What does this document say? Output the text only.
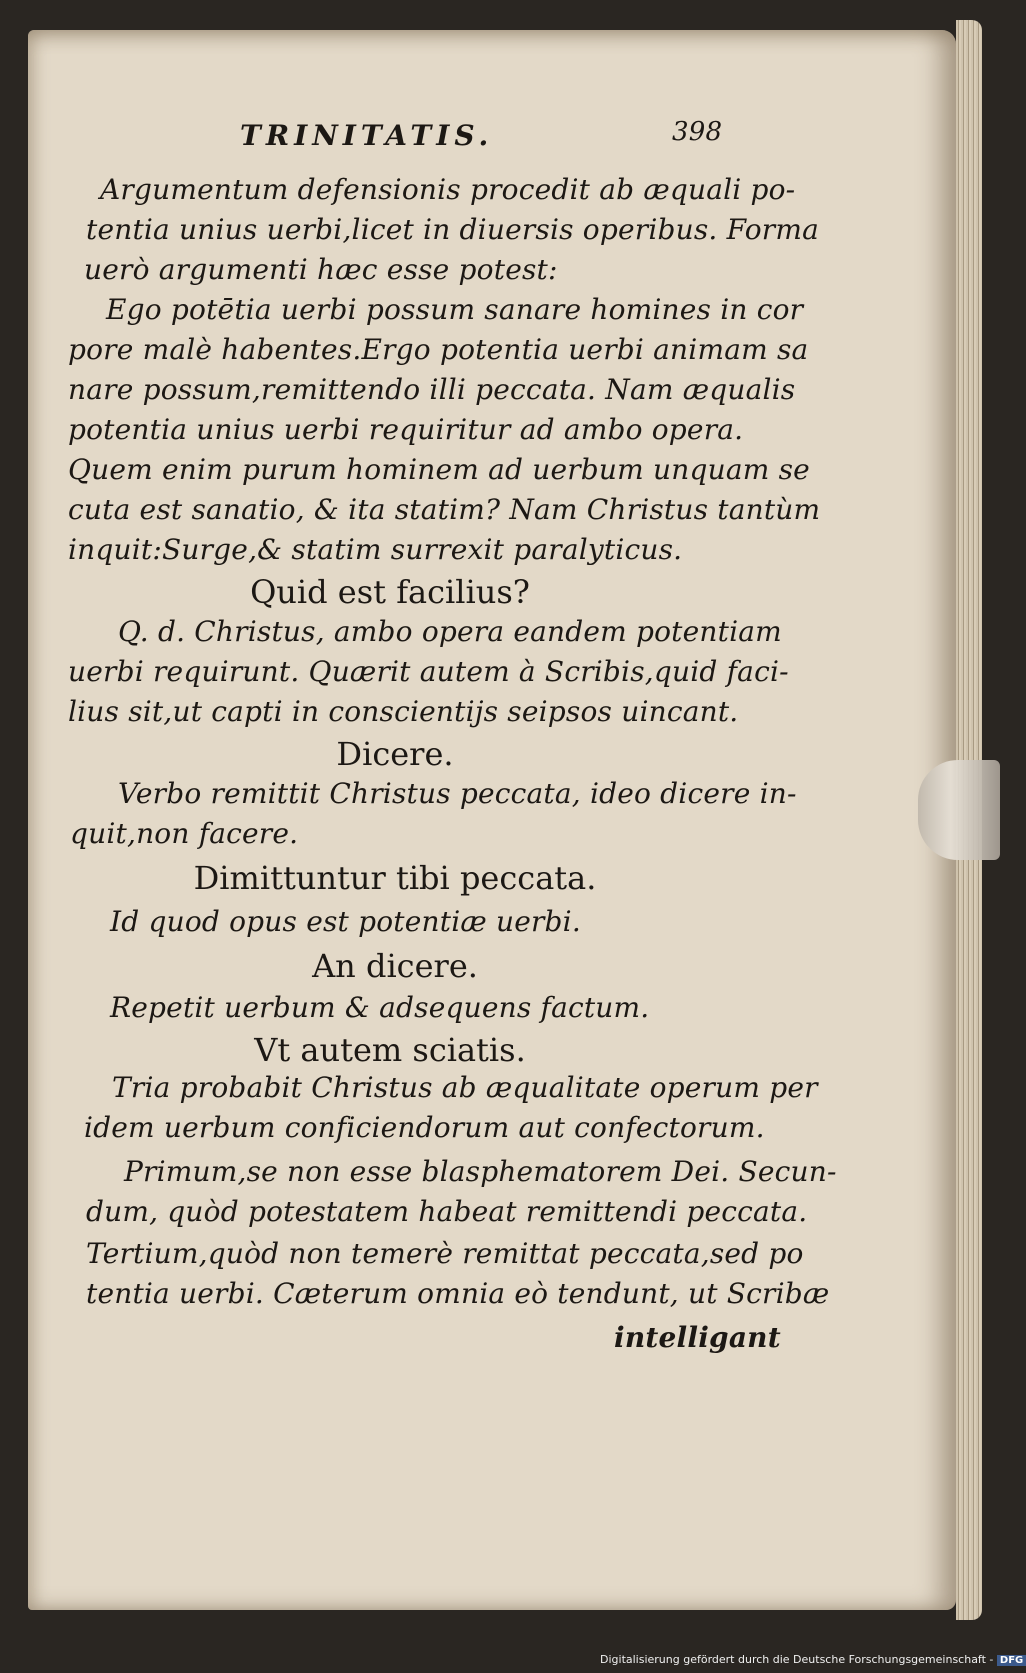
TRINITATIS.	398
Argumentum defensionis procedit ab æquali po-
tentia unius uerbi,licet in diuersis operibus. Forma
uerò argumenti hæc esse potest:
Ego potētia uerbi possum sanare homines in cor
pore malè habentes.Ergo potentia uerbi animam sa
nare possum,remittendo illi peccata. Nam æqualis
potentia unius uerbi requiritur ad ambo opera.
Quem enim purum hominem ad uerbum unquam se
cuta est sanatio, & ita statim? Nam Christus tantùm
inquit:Surge,& statim surrexit paralyticus.
Quid est facilius?
Q. d. Christus, ambo opera eandem potentiam
uerbi requirunt. Quærit autem à Scribis,quid faci-
lius sit,ut capti in conscientijs seipsos uincant.
Dicere.
Verbo remittit Christus peccata, ideo dicere in-
quit,non facere.
Dimittuntur tibi peccata.
Id quod opus est potentiæ uerbi.
An dicere.
Repetit uerbum & adsequens factum.
Vt autem sciatis.
Tria probabit Christus ab æqualitate operum per
idem uerbum conficiendorum aut confectorum.
Primum,se non esse blasphematorem Dei. Secun-
dum, quòd potestatem habeat remittendi peccata.
Tertium,quòd non temerè remittat peccata,sed po
tentia uerbi. Cæterum omnia eò tendunt, ut Scribæ
intelligant
Digitalisierung gefördert durch die Deutsche Forschungsgemeinschaft - DFG
